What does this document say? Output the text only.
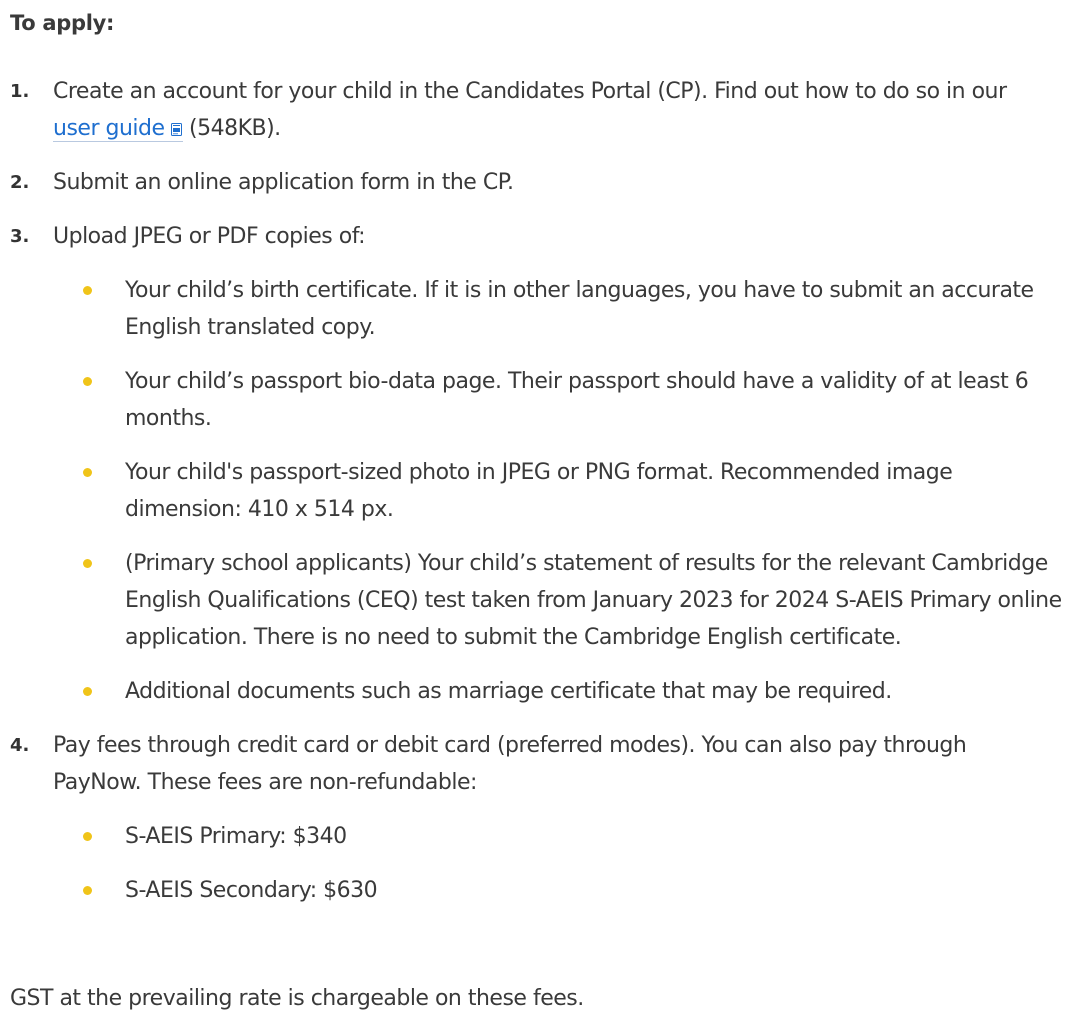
To apply:
1. Create an account for your child in the Candidates Portal (CP). Find out how to do so in our user guide (548KB).
2. Submit an online application form in the CP.
3. Upload JPEG or PDF copies of:
Your child’s birth certificate. If it is in other languages, you have to submit an accurate English translated copy.
Your child’s passport bio-data page. Their passport should have a validity of at least 6 months.
Your child's passport-sized photo in JPEG or PNG format. Recommended image dimension: 410 x 514 px.
(Primary school applicants) Your child’s statement of results for the relevant Cambridge English Qualifications (CEQ) test taken from January 2023 for 2024 S-AEIS Primary online application. There is no need to submit the Cambridge English certificate.
Additional documents such as marriage certificate that may be required.
4. Pay fees through credit card or debit card (preferred modes). You can also pay through PayNow. These fees are non-refundable:
S-AEIS Primary: $340
S-AEIS Secondary: $630
GST at the prevailing rate is chargeable on these fees.
